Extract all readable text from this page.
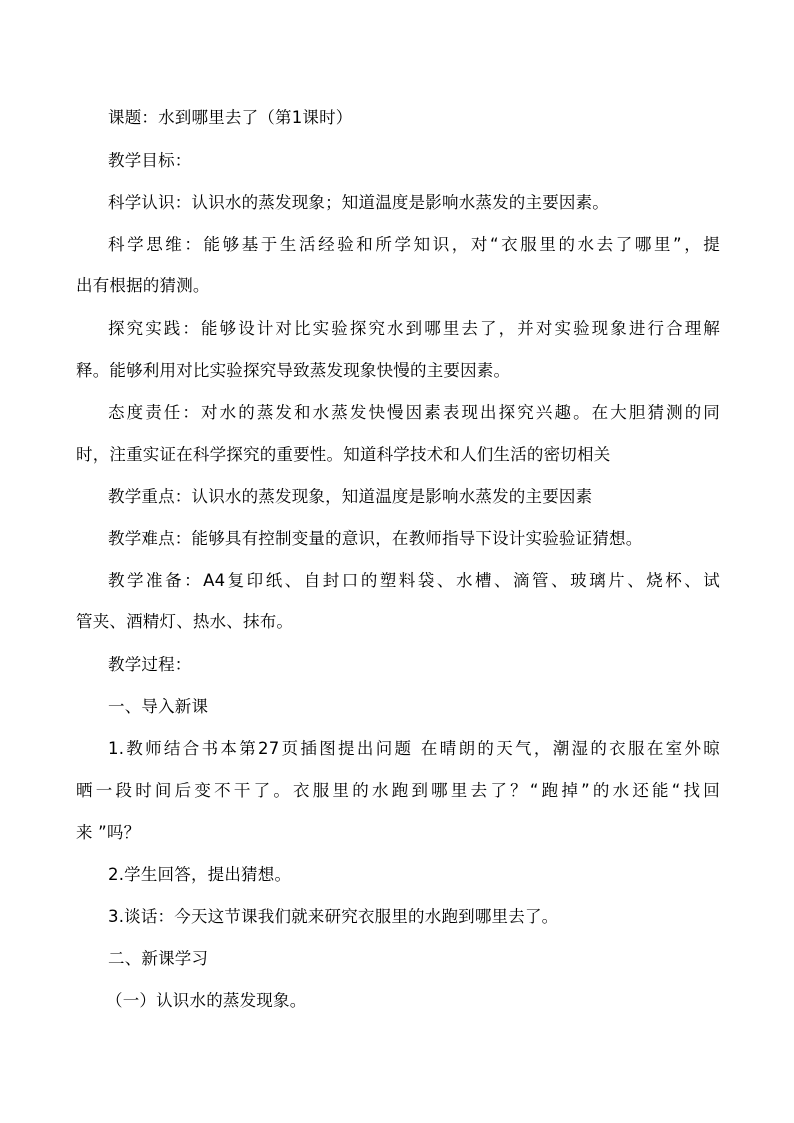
课题：水到哪里去了（第1课时）
教学目标：
科学认识：认识水的蒸发现象；知道温度是影响水蒸发的主要因素。
科学思维：能够基于生活经验和所学知识，对“衣服里的水去了哪里”，提
出有根据的猜测。
探究实践：能够设计对比实验探究水到哪里去了，并对实验现象进行合理解
释。能够利用对比实验探究导致蒸发现象快慢的主要因素。
态度责任：对水的蒸发和水蒸发快慢因素表现出探究兴趣。在大胆猜测的同
时，注重实证在科学探究的重要性。知道科学技术和人们生活的密切相关
教学重点：认识水的蒸发现象，知道温度是影响水蒸发的主要因素
教学难点：能够具有控制变量的意识，在教师指导下设计实验验证猜想。
教学准备：A4复印纸、自封口的塑料袋、水槽、滴管、玻璃片、烧杯、试
管夹、酒精灯、热水、抹布。
教学过程：
一、导入新课
1.教师结合书本第27页插图提出问题 在晴朗的天气，潮湿的衣服在室外晾
晒一段时间后变不干了。衣服里的水跑到哪里去了？“跑掉”的水还能“找回
来 ”吗？
2.学生回答，提出猜想。
3.谈话：今天这节课我们就来研究衣服里的水跑到哪里去了。
二、新课学习
（一）认识水的蒸发现象。
